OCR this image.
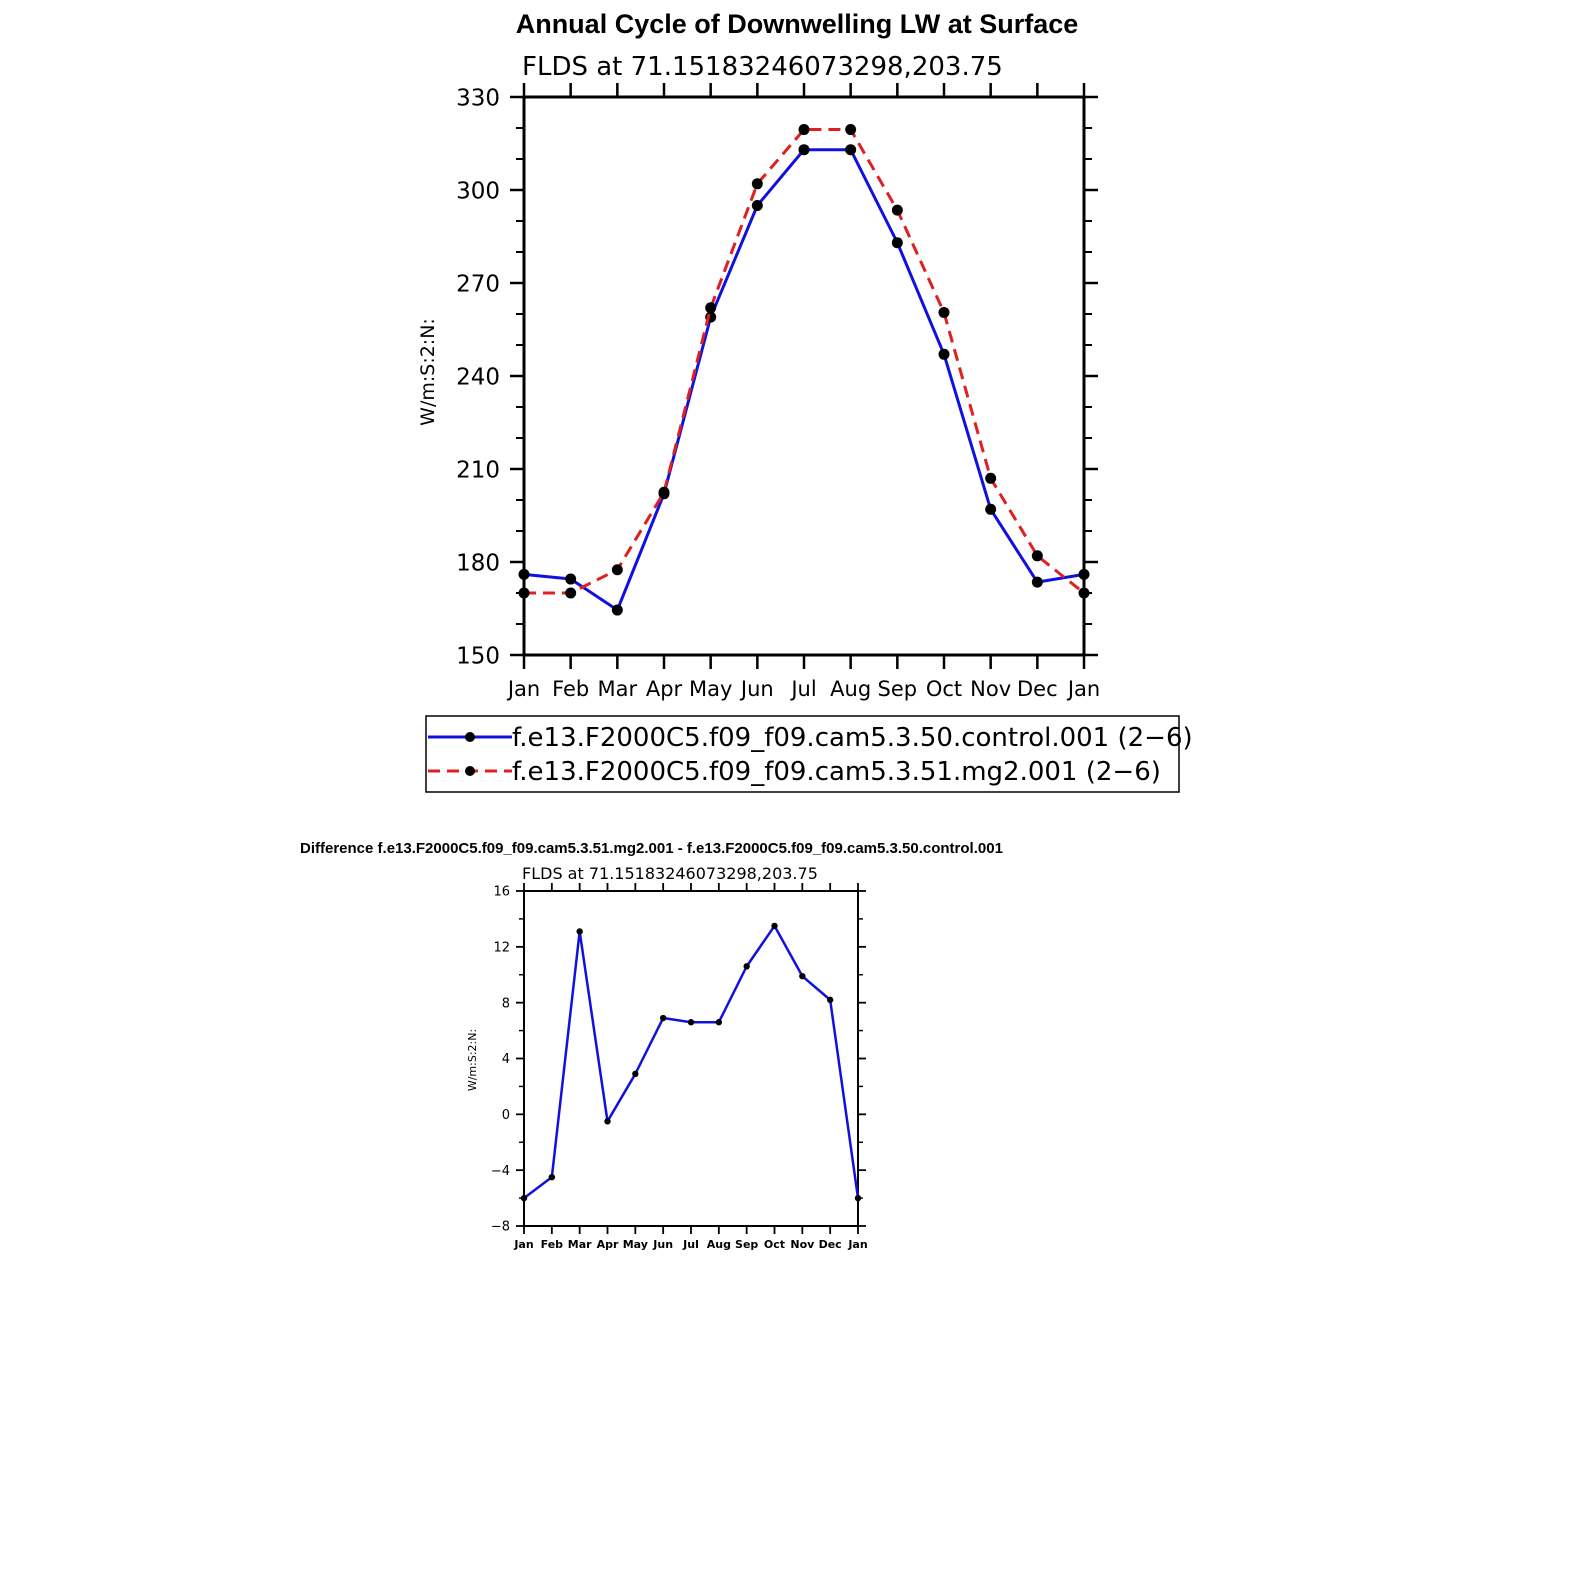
Annual Cycle of Downwelling LW at Surface
FLDS at 71.15183246073298,203.75
W/m:S:2:N:
Jan Feb Mar Apr May Jun Jul Aug Sep Oct Nov Dec Jan
150
180
210
240
270
300
330
f.e13.F2000C5.f09_f09.cam5.3.50.control.001 (2−6)
f.e13.F2000C5.f09_f09.cam5.3.51.mg2.001 (2−6)
Difference f.e13.F2000C5.f09_f09.cam5.3.51.mg2.001 - f.e13.F2000C5.f09_f09.cam5.3.50.control.001
FLDS at 71.15183246073298,203.75
W/m:S:2:N:
Jan Feb Mar Apr May Jun Jul Aug Sep Oct Nov Dec Jan
−8
−4
0
4
8
12
16
